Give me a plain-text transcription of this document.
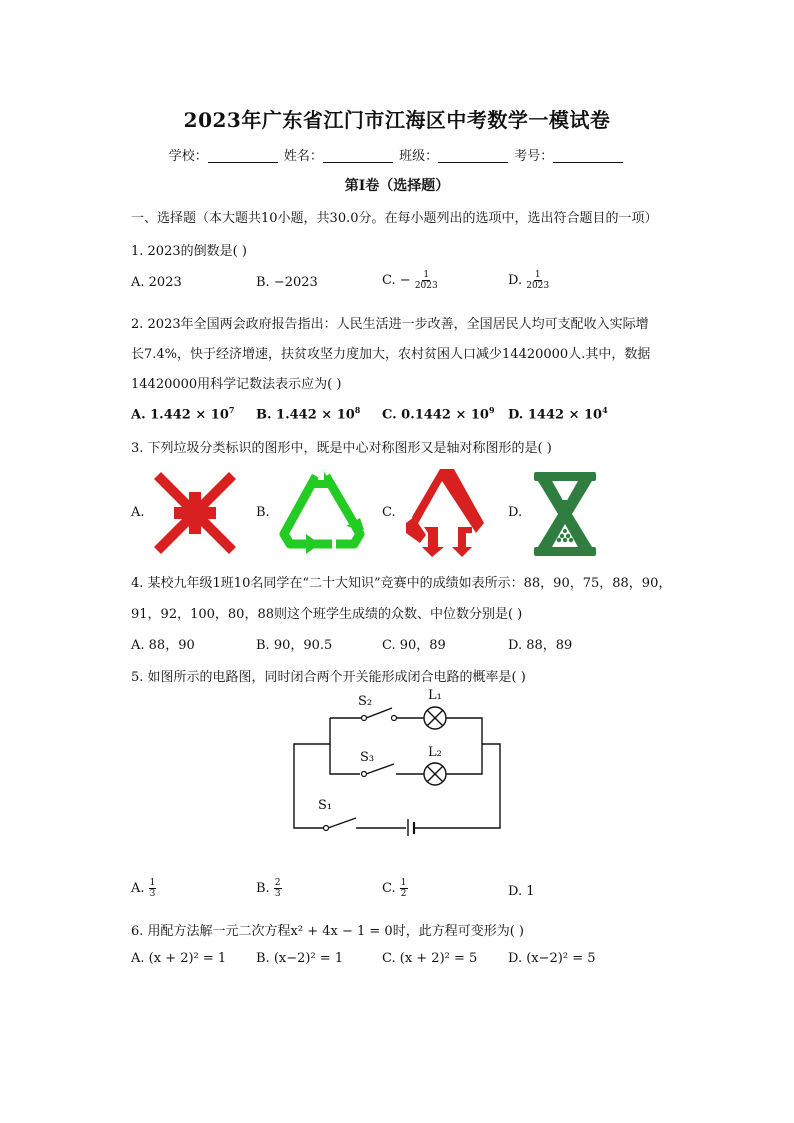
2023年广东省江门市江海区中考数学一模试卷
学校：	姓名：	班级：	考号：
第Ⅰ卷（选择题）
一、选择题（本大题共10小题，共30.0分。在每小题列出的选项中，选出符合题目的一项）
1. 2023的倒数是( )
A. 2023	B. −2023	C. − $\frac{1}{2023}$	D. $\frac{1}{2023}$
2. 2023年全国两会政府报告指出：人民生活进一步改善，全国居民人均可支配收入实际增
长7.4%，快于经济增速，扶贫攻坚力度加大，农村贫困人口减少14420000人.其中，数据
14420000用科学记数法表示应为( )
A. $1.442 \times 10^7$ B. $1.442 \times 10^8$ C. $0.1442 \times 10^9$ D. $1442 \times 10^4$
3. 下列垃圾分类标识的图形中，既是中心对称图形又是轴对称图形的是( )
A.	B.	C.	D.
4. 某校九年级1班10名同学在“二十大知识”竞赛中的成绩如表所示：88，90，75，88，90，
91，92，100，80，88则这个班学生成绩的众数、中位数分别是( )
A. 88，90	B. 90，90.5	C. 90，89	D. 88，89
5. 如图所示的电路图，同时闭合两个开关能形成闭合电路的概率是( )
S₂	L₁
S₃	L₂
S₁
A. $\frac{1}{3}$	B. $\frac{2}{3}$	C. $\frac{1}{2}$	D. 1
6. 用配方法解一元二次方程x² + 4x − 1 = 0时，此方程可变形为( )
A. (x + 2)² = 1 B. (x−2)² = 1	C. (x + 2)² = 5 D. (x−2)² = 5
